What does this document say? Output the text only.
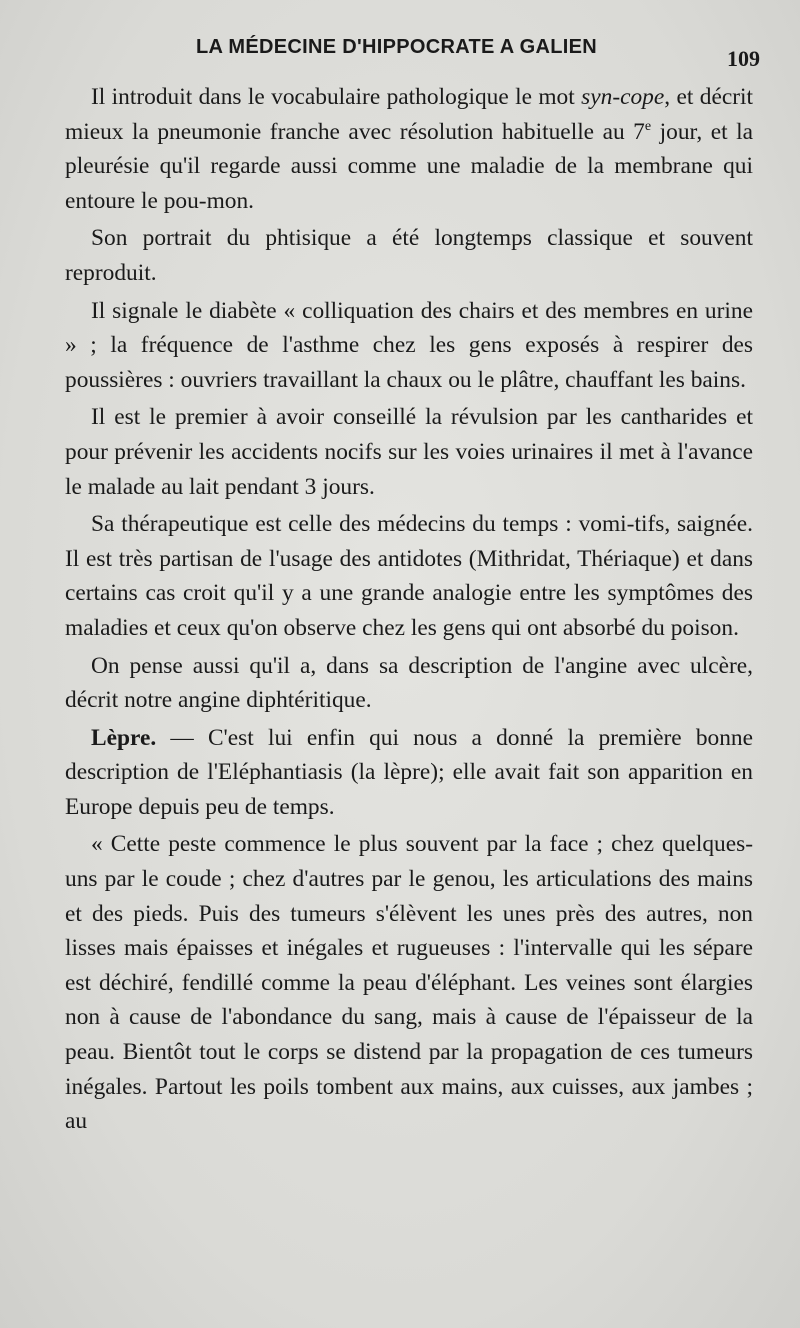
LA MÉDECINE D'HIPPOCRATE A GALIEN	109

Il introduit dans le vocabulaire pathologique le mot syn-cope, et décrit mieux la pneumonie franche avec résolution habituelle au 7e jour, et la pleurésie qu'il regarde aussi comme une maladie de la membrane qui entoure le pou-mon.

Son portrait du phtisique a été longtemps classique et souvent reproduit.

Il signale le diabète « colliquation des chairs et des membres en urine » ; la fréquence de l'asthme chez les gens exposés à respirer des poussières : ouvriers travaillant la chaux ou le plâtre, chauffant les bains.

Il est le premier à avoir conseillé la révulsion par les cantharides et pour prévenir les accidents nocifs sur les voies urinaires il met à l'avance le malade au lait pendant 3 jours.

Sa thérapeutique est celle des médecins du temps : vomi-tifs, saignée. Il est très partisan de l'usage des antidotes (Mithridat, Thériaque) et dans certains cas croit qu'il y a une grande analogie entre les symptômes des maladies et ceux qu'on observe chez les gens qui ont absorbé du poison.

On pense aussi qu'il a, dans sa description de l'angine avec ulcère, décrit notre angine diphtéritique.

Lèpre. — C'est lui enfin qui nous a donné la première bonne description de l'Eléphantiasis (la lèpre); elle avait fait son apparition en Europe depuis peu de temps.

« Cette peste commence le plus souvent par la face ; chez quelques-uns par le coude ; chez d'autres par le genou, les articulations des mains et des pieds. Puis des tumeurs s'élèvent les unes près des autres, non lisses mais épaisses et inégales et rugueuses : l'intervalle qui les sépare est déchiré, fendillé comme la peau d'éléphant. Les veines sont élargies non à cause de l'abondance du sang, mais à cause de l'épaisseur de la peau. Bientôt tout le corps se distend par la propagation de ces tumeurs inégales. Partout les poils tombent aux mains, aux cuisses, aux jambes ; au
